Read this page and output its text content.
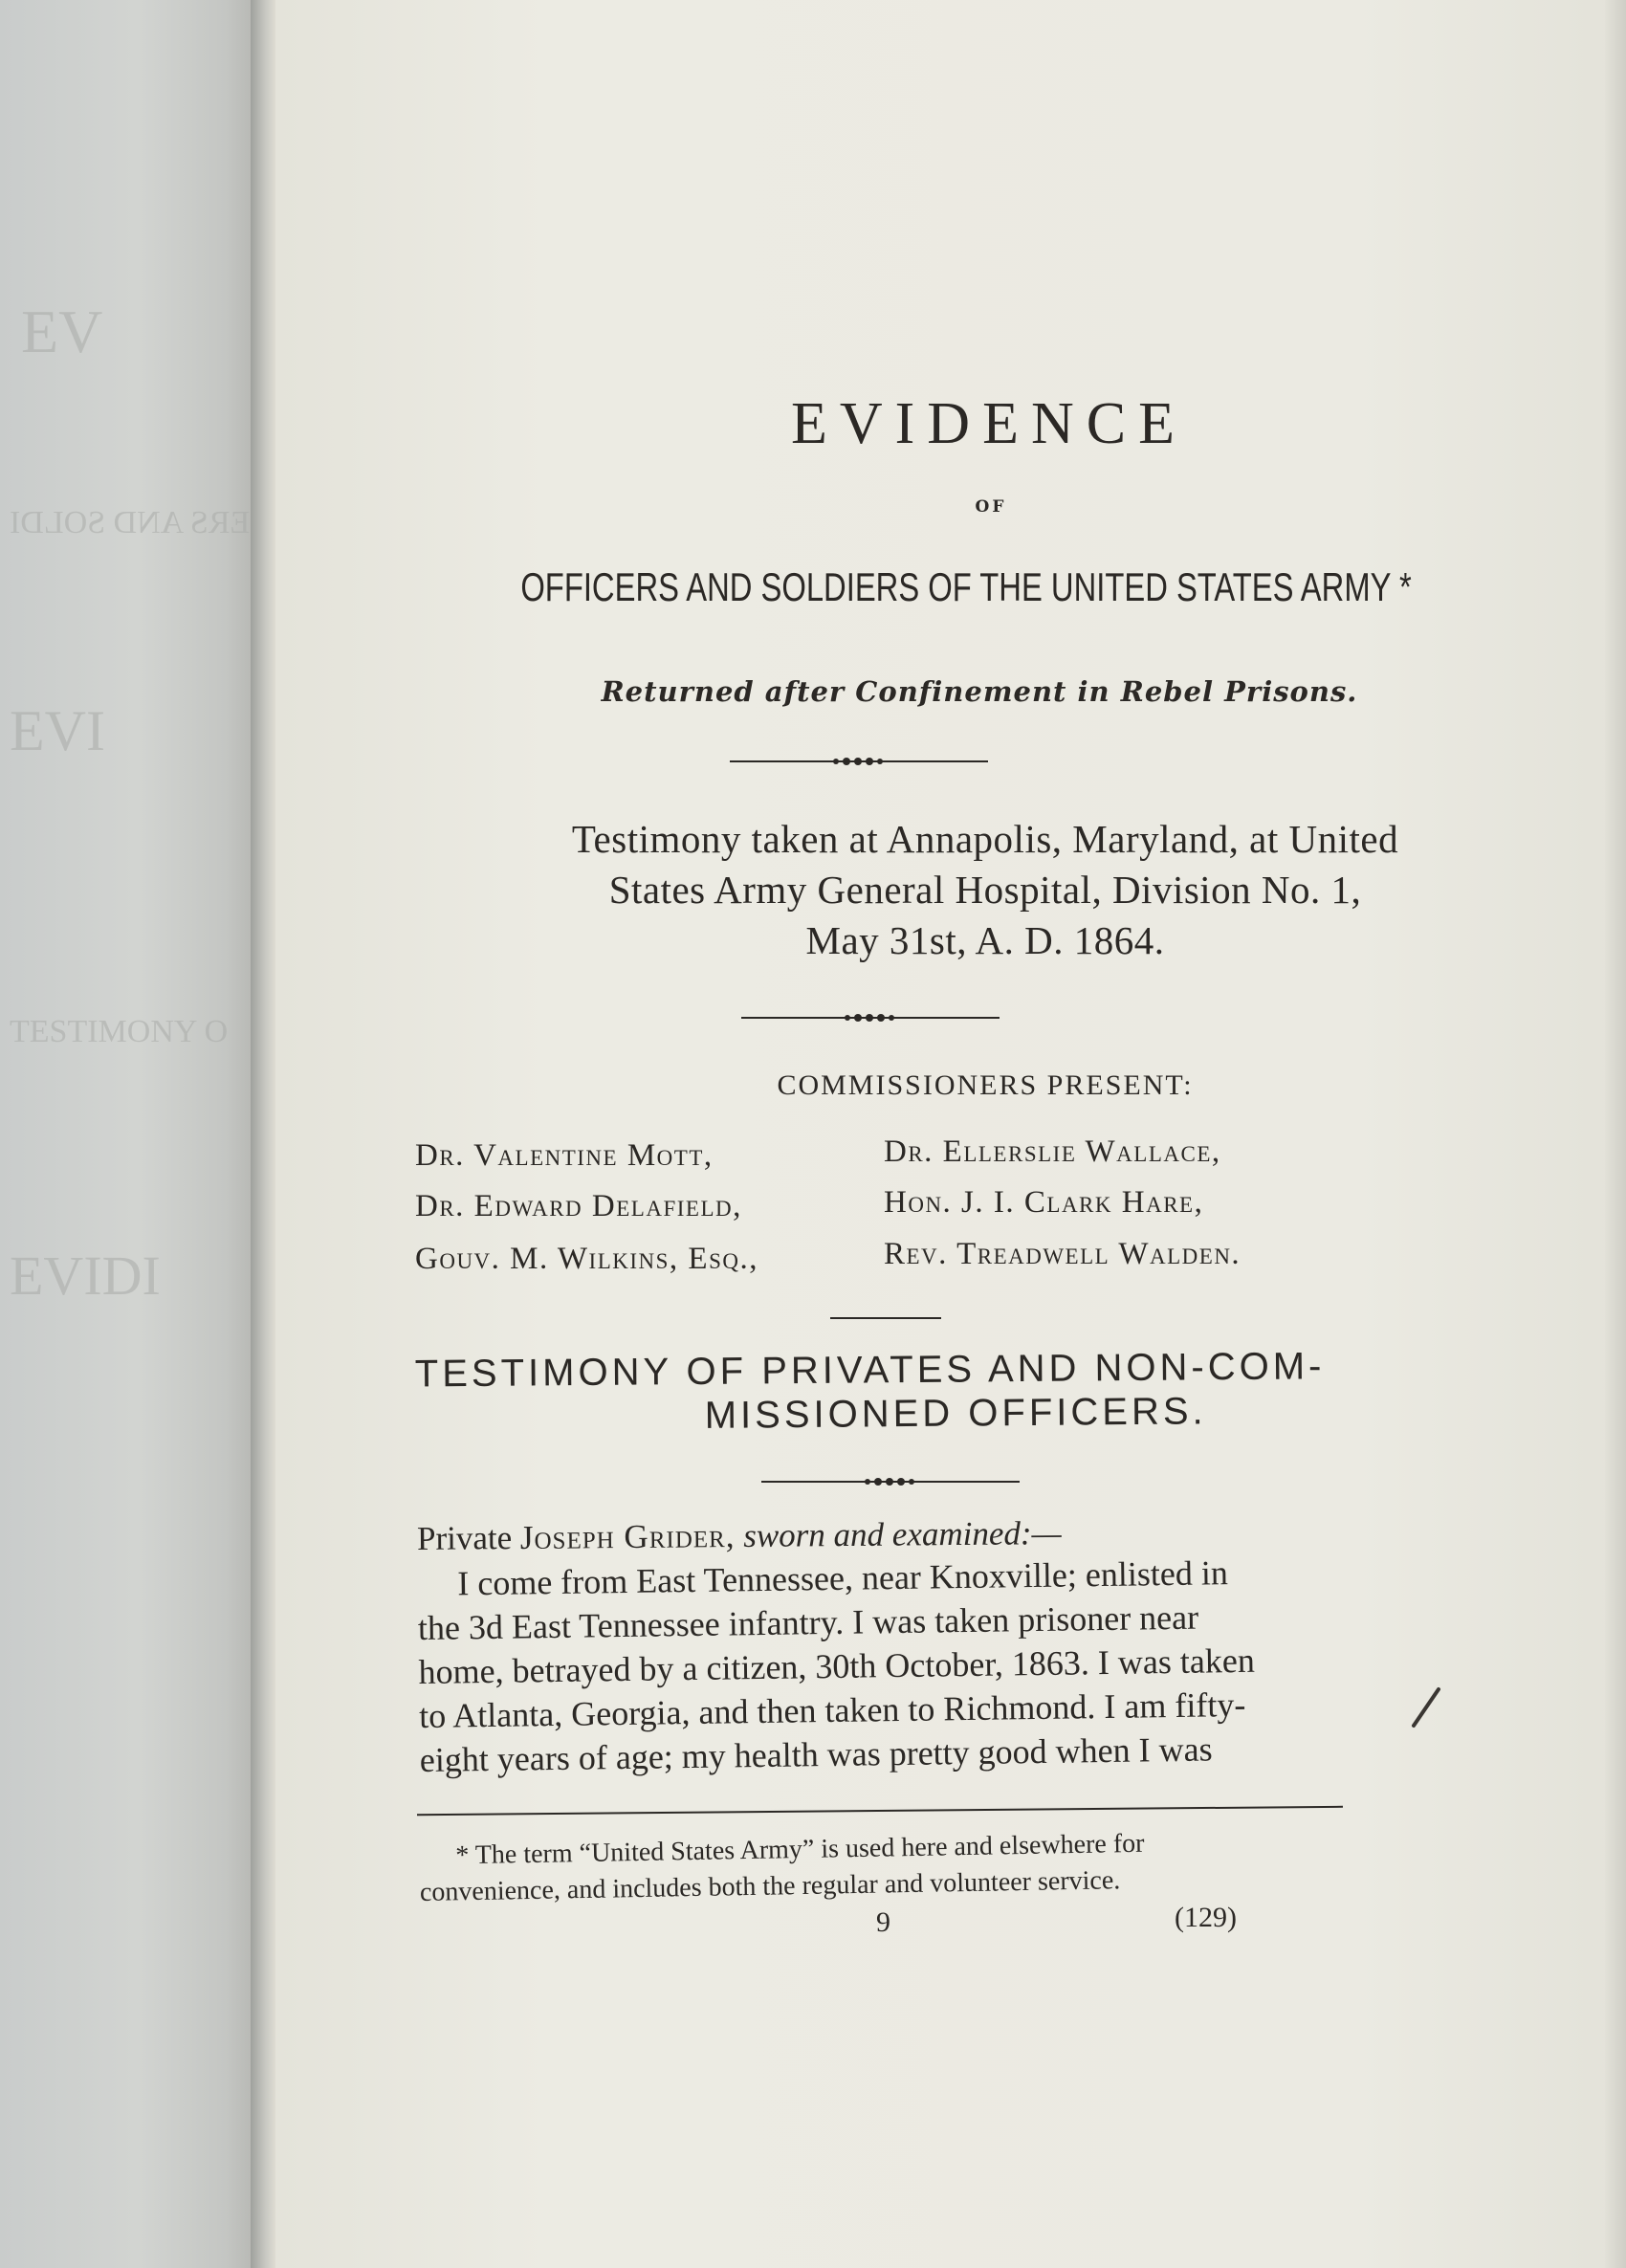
EV
ERS AND SOLDI
EVI
TESTIMONY O
EVIDI
EVIDENCE
OF
OFFICERS AND SOLDIERS OF THE UNITED STATES ARMY *
Returned after Confinement in Rebel Prisons.
Testimony taken at Annapolis, Maryland, at United
States Army General Hospital, Division No. 1,
May 31st, A. D. 1864.
COMMISSIONERS PRESENT:
Dr. Valentine Mott,
Dr. Edward Delafield,
Gouv. M. Wilkins, Esq.,
Dr. Ellerslie Wallace,
Hon. J. I. Clark Hare,
Rev. Treadwell Walden.
TESTIMONY OF PRIVATES AND NON-COM-
MISSIONED OFFICERS.
Private Joseph Grider, sworn and examined:—

I come from East Tennessee, near Knoxville; enlisted in

the 3d East Tennessee infantry. I was taken prisoner near

home, betrayed by a citizen, 30th October, 1863. I was taken

to Atlanta, Georgia, and then taken to Richmond. I am fifty-

eight years of age; my health was pretty good when I was

* The term “United States Army” is used here and elsewhere for

convenience, and includes both the regular and volunteer service.

9	(129)
